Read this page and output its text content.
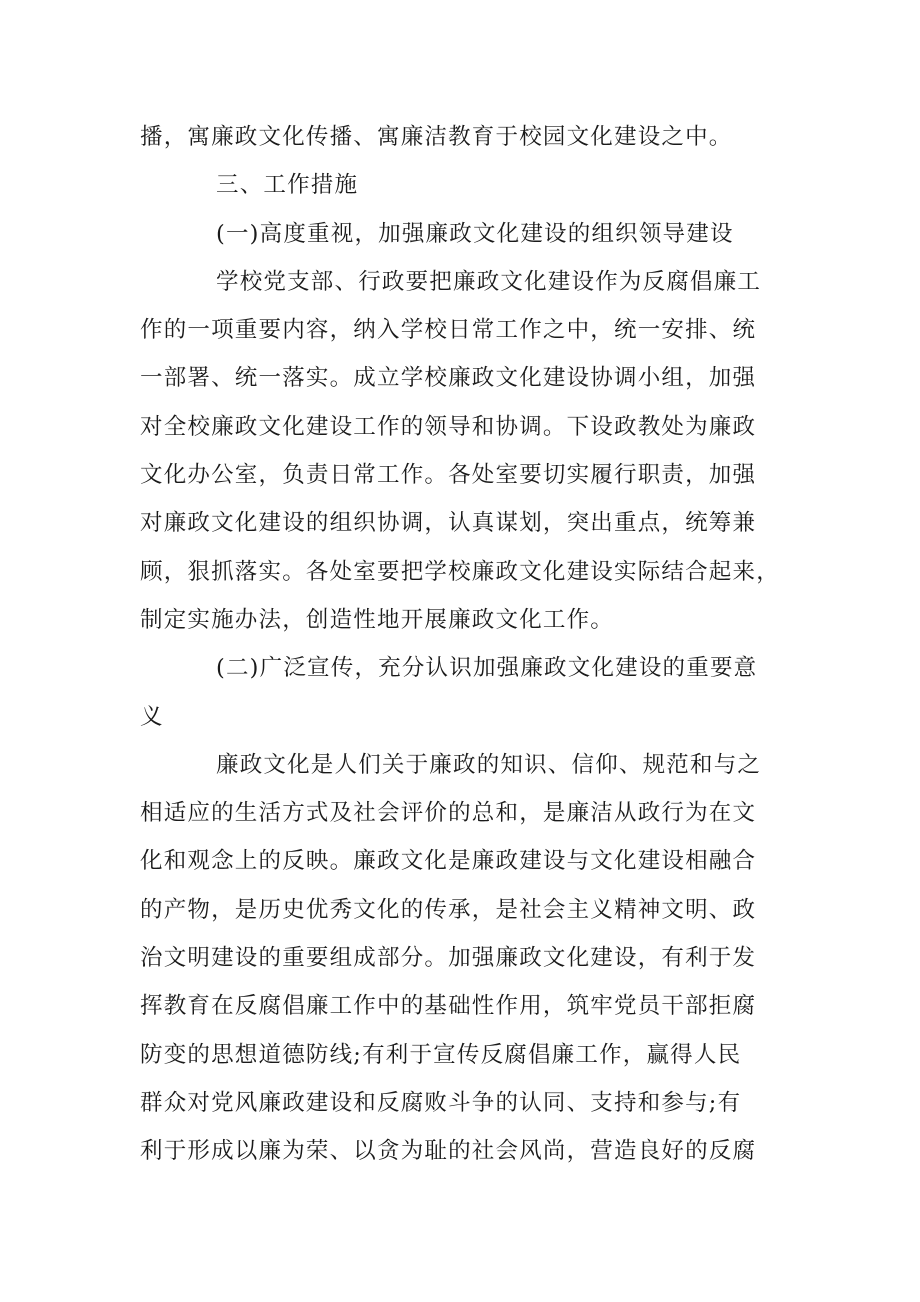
播，寓廉政文化传播、寓廉洁教育于校园文化建设之中。
三、工作措施
(一)高度重视，加强廉政文化建设的组织领导建设
学校党支部、行政要把廉政文化建设作为反腐倡廉工
作的一项重要内容，纳入学校日常工作之中，统一安排、统
一部署、统一落实。成立学校廉政文化建设协调小组，加强
对全校廉政文化建设工作的领导和协调。下设政教处为廉政
文化办公室，负责日常工作。各处室要切实履行职责，加强
对廉政文化建设的组织协调，认真谋划，突出重点，统筹兼
顾，狠抓落实。各处室要把学校廉政文化建设实际结合起来，
制定实施办法，创造性地开展廉政文化工作。
(二)广泛宣传，充分认识加强廉政文化建设的重要意
义
廉政文化是人们关于廉政的知识、信仰、规范和与之
相适应的生活方式及社会评价的总和，是廉洁从政行为在文
化和观念上的反映。廉政文化是廉政建设与文化建设相融合
的产物，是历史优秀文化的传承，是社会主义精神文明、政
治文明建设的重要组成部分。加强廉政文化建设，有利于发
挥教育在反腐倡廉工作中的基础性作用，筑牢党员干部拒腐
防变的思想道德防线;有利于宣传反腐倡廉工作，赢得人民
群众对党风廉政建设和反腐败斗争的认同、支持和参与;有
利于形成以廉为荣、以贪为耻的社会风尚，营造良好的反腐
